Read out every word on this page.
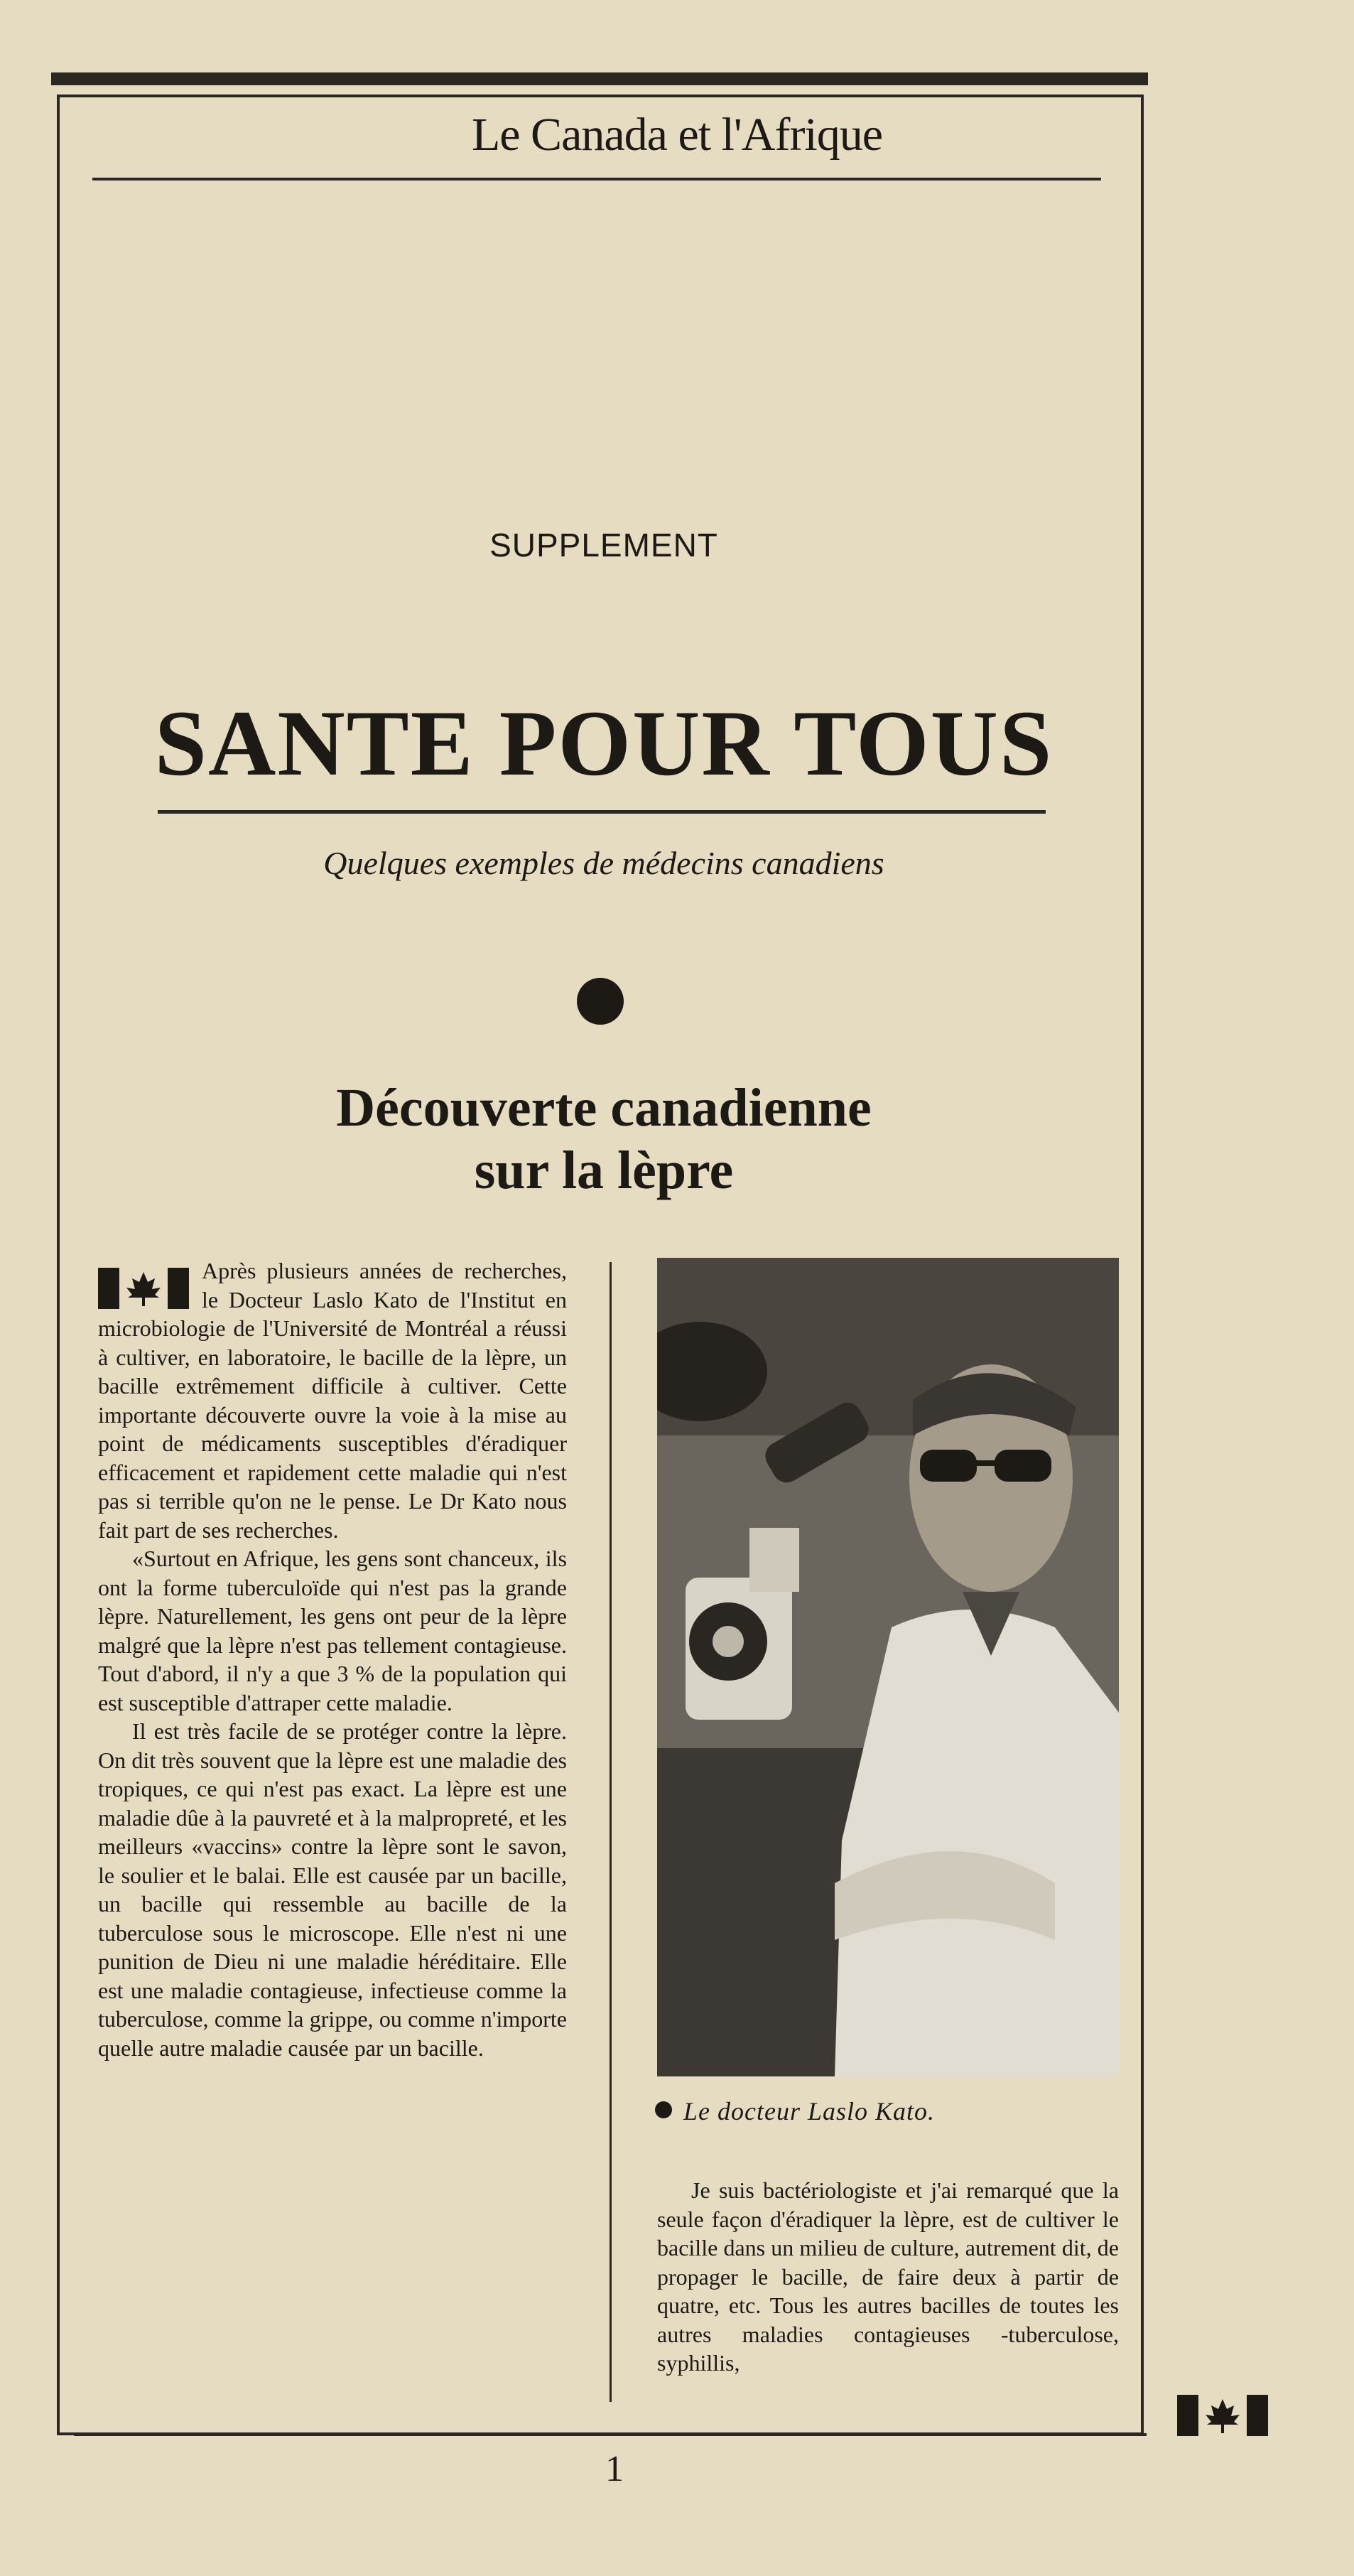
Le Canada et l'Afrique
SUPPLEMENT
SANTE POUR TOUS
Quelques exemples de médecins canadiens
Découverte canadienne
sur la lèpre

Après plusieurs années de recherches, le Docteur Laslo Kato de l'Institut en microbiologie de l'Université de Montréal a réussi à cultiver, en laboratoire, le bacille de la lèpre, un bacille extrêmement difficile à cultiver. Cette importante découverte ouvre la voie à la mise au point de médicaments susceptibles d'éradiquer efficacement et rapidement cette maladie qui n'est pas si terrible qu'on ne le pense. Le Dr Kato nous fait part de ses recherches.

«Surtout en Afrique, les gens sont chanceux, ils ont la forme tuberculoïde qui n'est pas la grande lèpre. Naturellement, les gens ont peur de la lèpre malgré que la lèpre n'est pas tellement contagieuse. Tout d'abord, il n'y a que 3 % de la population qui est susceptible d'attraper cette maladie.

Il est très facile de se protéger contre la lèpre. On dit très souvent que la lèpre est une maladie des tropiques, ce qui n'est pas exact. La lèpre est une maladie dûe à la pauvreté et à la malpropreté, et les meilleurs «vaccins» contre la lèpre sont le savon, le soulier et le balai. Elle est causée par un bacille, un bacille qui ressemble au bacille de la tuberculose sous le microscope. Elle n'est ni une punition de Dieu ni une maladie héréditaire. Elle est une maladie contagieuse, infectieuse comme la tuberculose, comme la grippe, ou comme n'importe quelle autre maladie causée par un bacille.

Le docteur Laslo Kato.

Je suis bactériologiste et j'ai remarqué que la seule façon d'éradiquer la lèpre, est de cultiver le bacille dans un milieu de culture, autrement dit, de propager le bacille, de faire deux à partir de quatre, etc. Tous les autres bacilles de toutes les autres maladies contagieuses -tuberculose, syphillis,

1
